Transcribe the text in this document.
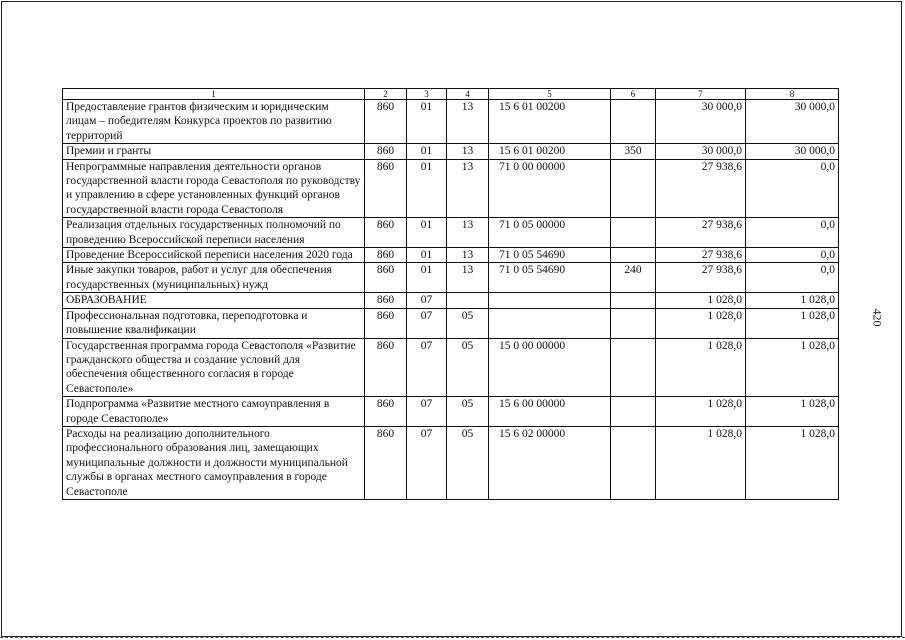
1	2	3	4	5	6	7	8
Предоставление грантов физическим и юридическим лицам – победителям Конкурса проектов по развитию территорий	860	01	13	15 6 01 00200		30 000,0	30 000,0
Премии и гранты	860	01	13	15 6 01 00200	350	30 000,0	30 000,0
Непрограммные направления деятельности органов государственной власти города Севастополя по руководству и управлению в сфере установленных функций органов государственной власти города Севастополя	860	01	13	71 0 00 00000		27 938,6	0,0
Реализация отдельных государственных полномочий по проведению Всероссийской переписи населения	860	01	13	71 0 05 00000		27 938,6	0,0
Проведение Всероссийской переписи населения 2020 года	860	01	13	71 0 05 54690		27 938,6	0,0
Иные закупки товаров, работ и услуг для обеспечения государственных (муниципальных) нужд	860	01	13	71 0 05 54690	240	27 938,6	0,0
ОБРАЗОВАНИЕ	860	07				1 028,0	1 028,0
Профессиональная подготовка, переподготовка и повышение квалификации	860	07	05			1 028,0	1 028,0
Государственная программа города Севастополя «Развитие гражданского общества и создание условий для обеспечения общественного согласия в городе Севастополе»	860	07	05	15 0 00 00000		1 028,0	1 028,0
Подпрограмма «Развитие местного самоуправления в городе Севастополе»	860	07	05	15 6 00 00000		1 028,0	1 028,0
Расходы на реализацию дополнительного профессионального образования лиц, замещающих муниципальные должности и должности муниципальной службы в органах местного самоуправления в городе Севастополе	860	07	05	15 6 02 00000		1 028,0	1 028,0
420
